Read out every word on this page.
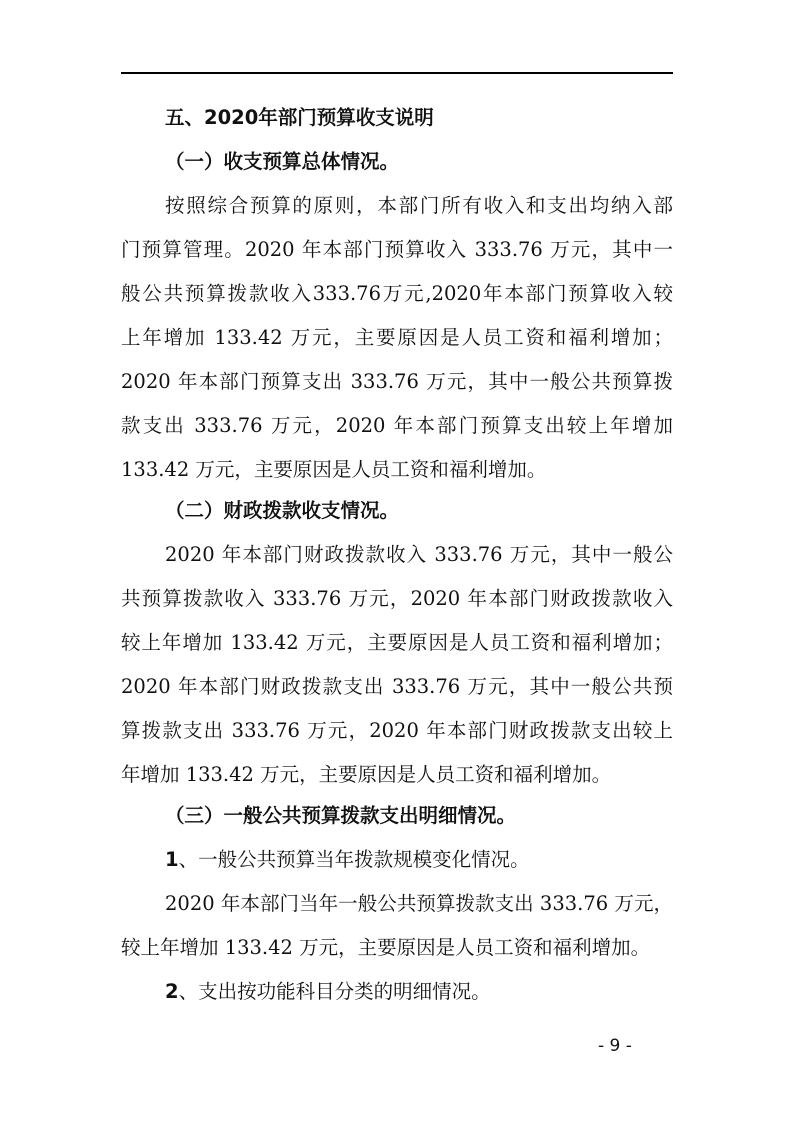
五、2020年部门预算收支说明
（一）收支预算总体情况。
按照综合预算的原则，本部门所有收入和支出均纳入部
门预算管理。2020 年本部门预算收入 333.76 万元，其中一
般公共预算拨款收入333.76万元,2020年本部门预算收入较
上年增加 133.42 万元，主要原因是人员工资和福利增加；
2020 年本部门预算支出 333.76 万元，其中一般公共预算拨
款支出 333.76 万元，2020 年本部门预算支出较上年增加
133.42 万元，主要原因是人员工资和福利增加。
（二）财政拨款收支情况。
2020 年本部门财政拨款收入 333.76 万元，其中一般公
共预算拨款收入 333.76 万元，2020 年本部门财政拨款收入
较上年增加 133.42 万元，主要原因是人员工资和福利增加；
2020 年本部门财政拨款支出 333.76 万元，其中一般公共预
算拨款支出 333.76 万元，2020 年本部门财政拨款支出较上
年增加 133.42 万元，主要原因是人员工资和福利增加。
（三）一般公共预算拨款支出明细情况。
1、一般公共预算当年拨款规模变化情况。
2020 年本部门当年一般公共预算拨款支出 333.76 万元，
较上年增加 133.42 万元，主要原因是人员工资和福利增加。
2、支出按功能科目分类的明细情况。
- 9 -
